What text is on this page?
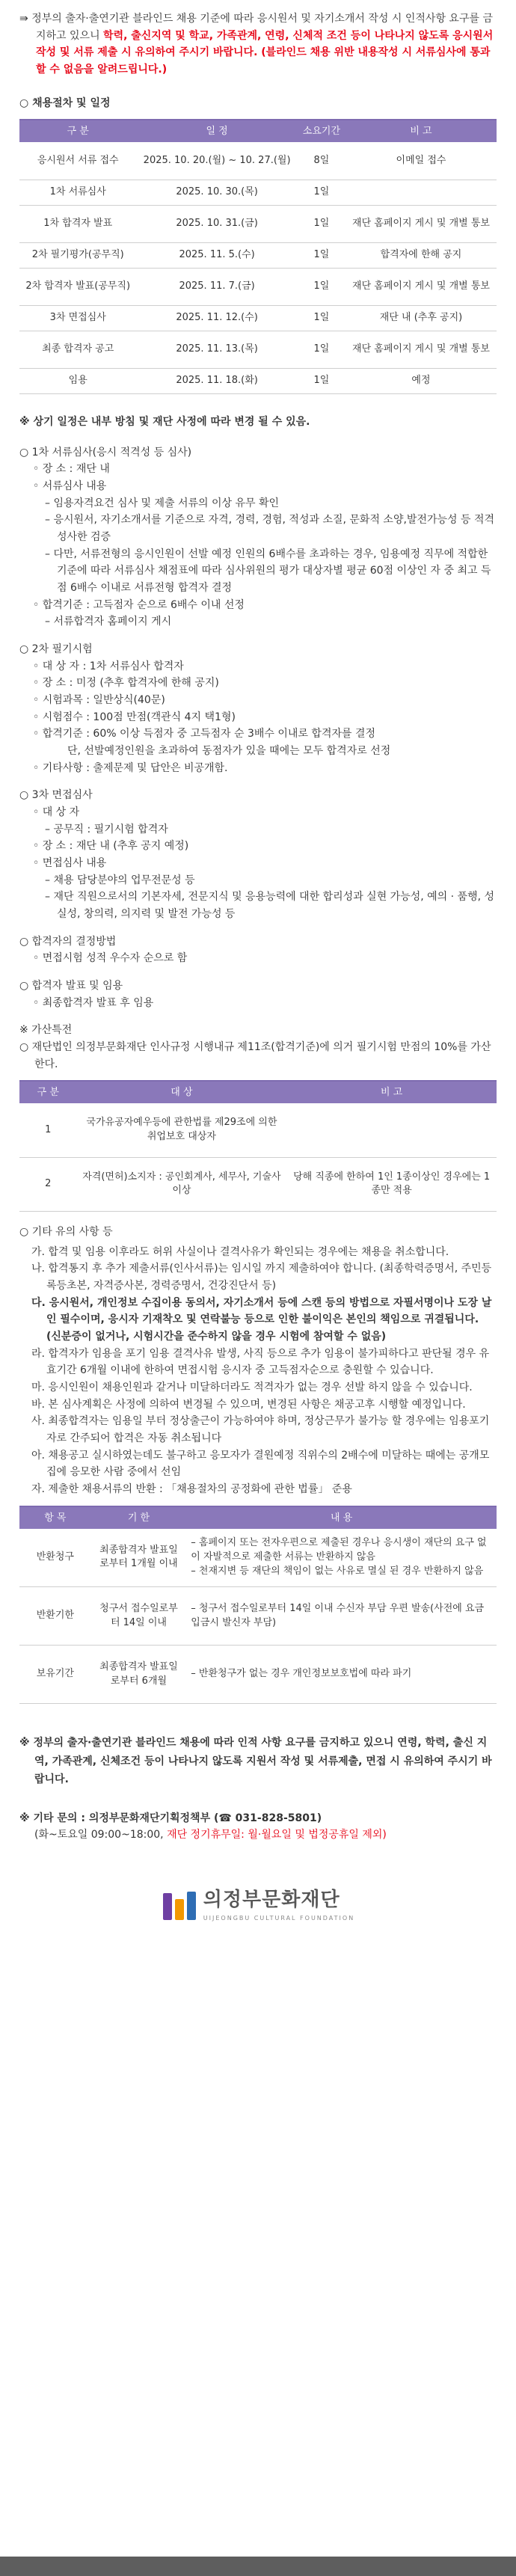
⇛ 정부의 출자·출연기관 블라인드 채용 기준에 따라 응시원서 및 자기소개서 작성 시 인적사항 요구를 금지하고 있으니 학력, 출신지역 및 학교, 가족관계, 연령, 신체적 조건 등이 나타나지 않도록 응시원서 작성 및 서류 제출 시 유의하여 주시기 바랍니다. (블라인드 채용 위반 내용작성 시 서류심사에 통과할 수 없음을 알려드립니다.)

○ 채용절차 및 일정
구 분	일 정	소요기간	비 고
응시원서 서류 접수	2025. 10. 20.(월) ~ 10. 27.(월)	8일	이메일 접수
1차 서류심사	2025. 10. 30.(목)	1일	
1차 합격자 발표	2025. 10. 31.(금)	1일	재단 홈페이지 게시 및 개별 통보
2차 필기평가(공무직)	2025. 11. 5.(수)	1일	합격자에 한해 공지
2차 합격자 발표(공무직)	2025. 11. 7.(금)	1일	재단 홈페이지 게시 및 개별 통보
3차 면접심사	2025. 11. 12.(수)	1일	재단 내 (추후 공지)
최종 합격자 공고	2025. 11. 13.(목)	1일	재단 홈페이지 게시 및 개별 통보
임용	2025. 11. 18.(화)	1일	예정
※ 상기 일정은 내부 방침 및 재단 사정에 따라 변경 될 수 있음.
○ 1차 서류심사(응시 적격성 등 심사)
◦ 장 소 : 재단 내
◦ 서류심사 내용
– 임용자격요건 심사 및 제출 서류의 이상 유무 확인
– 응시원서, 자기소개서를 기준으로 자격, 경력, 경험, 적성과 소질, 문화적 소양,발전가능성 등 적격성사한 검증
– 다만, 서류전형의 응시인원이 선발 예정 인원의 6배수를 초과하는 경우, 임용예정 직무에 적합한 기준에 따라 서류심사 채점표에 따라 심사위원의 평가 대상자별 평균 60점 이상인 자 중 최고 득점 6배수 이내로 서류전형 합격자 결정
◦ 합격기준 : 고득점자 순으로 6배수 이내 선정
– 서류합격자 홈페이지 게시
○ 2차 필기시험
◦ 대 상 자 : 1차 서류심사 합격자
◦ 장 소 : 미정 (추후 합격자에 한해 공지)
◦ 시험과목 : 일반상식(40문)
◦ 시험점수 : 100점 만점(객관식 4지 택1형)
◦ 합격기준 : 60% 이상 득점자 중 고득점자 순 3배수 이내로 합격자를 결정
단, 선발예정인원을 초과하여 동점자가 있을 때에는 모두 합격자로 선정
◦ 기타사항 : 출제문제 및 답안은 비공개함.
○ 3차 면접심사
◦ 대 상 자
– 공무직 : 필기시험 합격자
◦ 장 소 : 재단 내 (추후 공지 예정)
◦ 면접심사 내용
– 채용 담당분야의 업무전문성 등
– 재단 직원으로서의 기본자세, 전문지식 및 응용능력에 대한 합리성과 실현 가능성, 예의 · 품행, 성실성, 창의력, 의지력 및 발전 가능성 등
○ 합격자의 결정방법
◦ 면접시험 성적 우수자 순으로 함
○ 합격자 발표 및 임용
◦ 최종합격자 발표 후 임용
※ 가산특전
○ 재단법인 의정부문화재단 인사규정 시행내규 제11조(합격기준)에 의거 필기시험 만점의 10%를 가산한다.
구 분	대 상	비 고
1	국가유공자예우등에 관한법률 제29조에 의한 취업보호 대상자	
2	자격(면허)소지자 : 공인회계사, 세무사, 기술사이상	당해 직종에 한하여 1인 1종이상인 경우에는 1종만 적용
○ 기타 유의 사항 등

가. 합격 및 임용 이후라도 허위 사실이나 결격사유가 확인되는 경우에는 채용을 취소합니다.

나. 합격통지 후 추가 제출서류(인사서류)는 임시일 까지 제출하여야 합니다. (최종학력증명서, 주민등록등초본, 자격증사본, 경력증명서, 건강진단서 등)

다. 응시원서, 개인정보 수집이용 동의서, 자기소개서 등에 스캔 등의 방법으로 자필서명이나 도장 날인 필수이며, 응시자 기재착오 및 연락불능 등으로 인한 불이익은 본인의 책임으로 귀결됩니다. (신분증이 없거나, 시험시간을 준수하지 않을 경우 시험에 참여할 수 없음)

라. 합격자가 임용을 포기 임용 결격사유 발생, 사직 등으로 추가 임용이 불가피하다고 판단될 경우 유효기간 6개월 이내에 한하여 면접시험 응시자 중 고득점자순으로 충원할 수 있습니다.

마. 응시인원이 채용인원과 같거나 미달하더라도 적격자가 없는 경우 선발 하지 않을 수 있습니다.

바. 본 심사계획은 사정에 의하여 변경될 수 있으며, 변경된 사항은 채공고후 시행할 예정입니다.

사. 최종합격자는 임용일 부터 정상출근이 가능하여야 하며, 정상근무가 불가능 할 경우에는 임용포기자로 간주되어 합격은 자동 취소됩니다

아. 채용공고 실시하였는데도 불구하고 응모자가 결원예정 직위수의 2배수에 미달하는 때에는 공개모집에 응모한 사람 중에서 선임

자. 제출한 채용서류의 반환 : 「채용절차의 공정화에 관한 법률」 준용

항 목	기 한	내 용
반환청구	최종합격자 발표일로부터 1개월 이내	– 홈페이지 또는 전자우편으로 제출된 경우나 응시생이 재단의 요구 없이 자발적으로 제출한 서류는 반환하지 않음
– 천재지변 등 재단의 책임이 없는 사유로 멸실 된 경우 반환하지 않음
반환기한	청구서 접수일로부터 14일 이내	– 청구서 접수일로부터 14일 이내 수신자 부담 우편 발송(사전에 요금 입금시 발신자 부담)
보유기간	최종합격자 발표일로부터 6개월	– 반환청구가 없는 경우 개인정보보호법에 따라 파기
※ 정부의 출자·출연기관 블라인드 채용에 따라 인적 사항 요구를 금지하고 있으니 연령, 학력, 출신 지역, 가족관계, 신체조건 등이 나타나지 않도록 지원서 작성 및 서류제출, 면접 시 유의하여 주시기 바랍니다.
※ 기타 문의 : 의정부문화재단기획정책부 (☎ 031-828-5801)
(화~토요일 09:00~18:00, 재단 정기휴무일: 월·월요일 및 법정공휴일 제외)
의정부문화재단
UIJEONGBU CULTURAL FOUNDATION
